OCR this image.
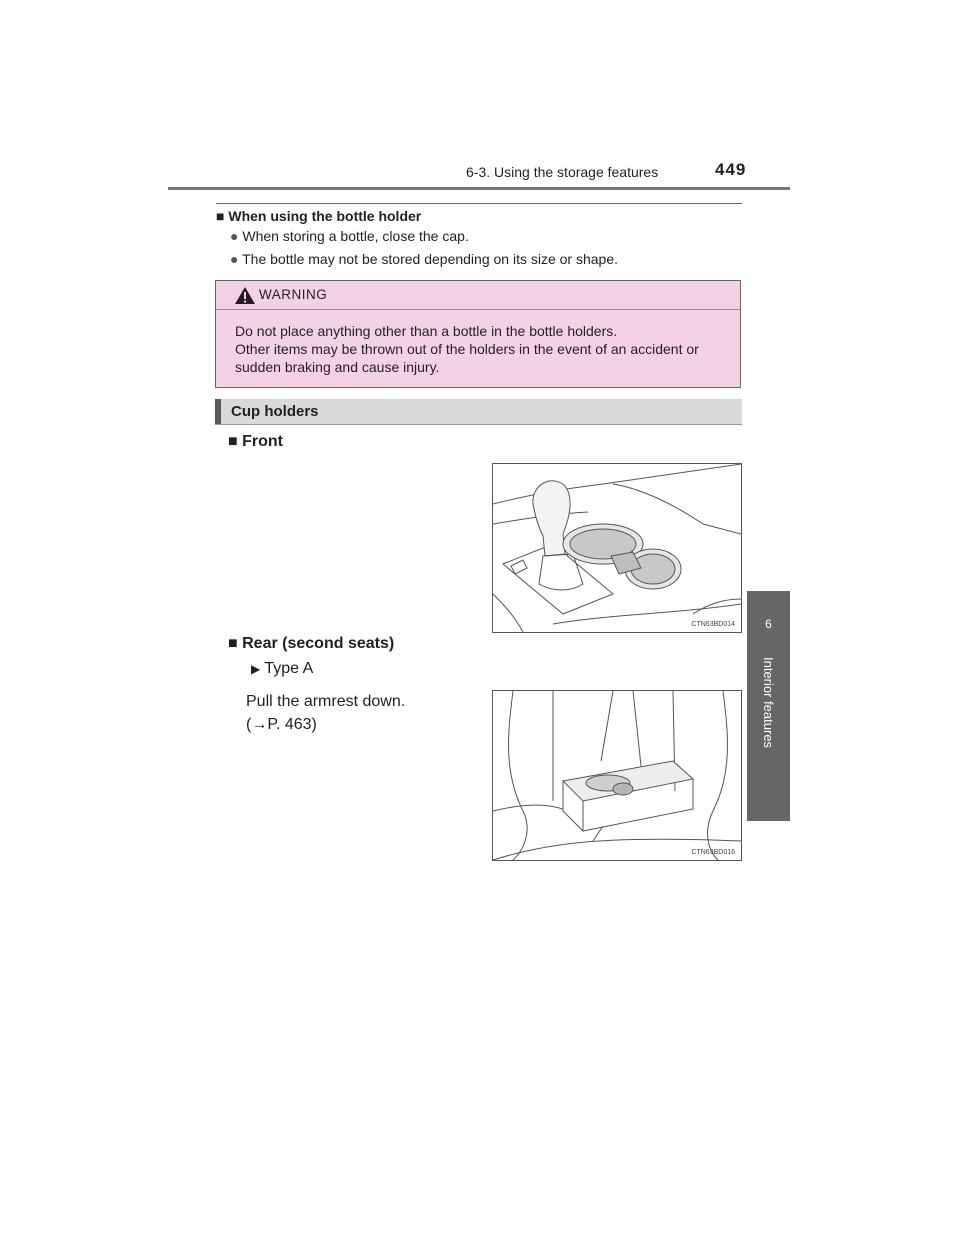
6-3. Using the storage features	449
6
Interior features
■ When using the bottle holder
● When storing a bottle, close the cap.
● The bottle may not be stored depending on its size or shape.
WARNING
Do not place anything other than a bottle in the bottle holders.
Other items may be thrown out of the holders in the event of an accident or
sudden braking and cause injury.
Cup holders
■ Front
CTN63BD014
■ Rear (second seats)
▶ Type A
Pull the armrest down.
(→P. 463)
CTN63BD016
